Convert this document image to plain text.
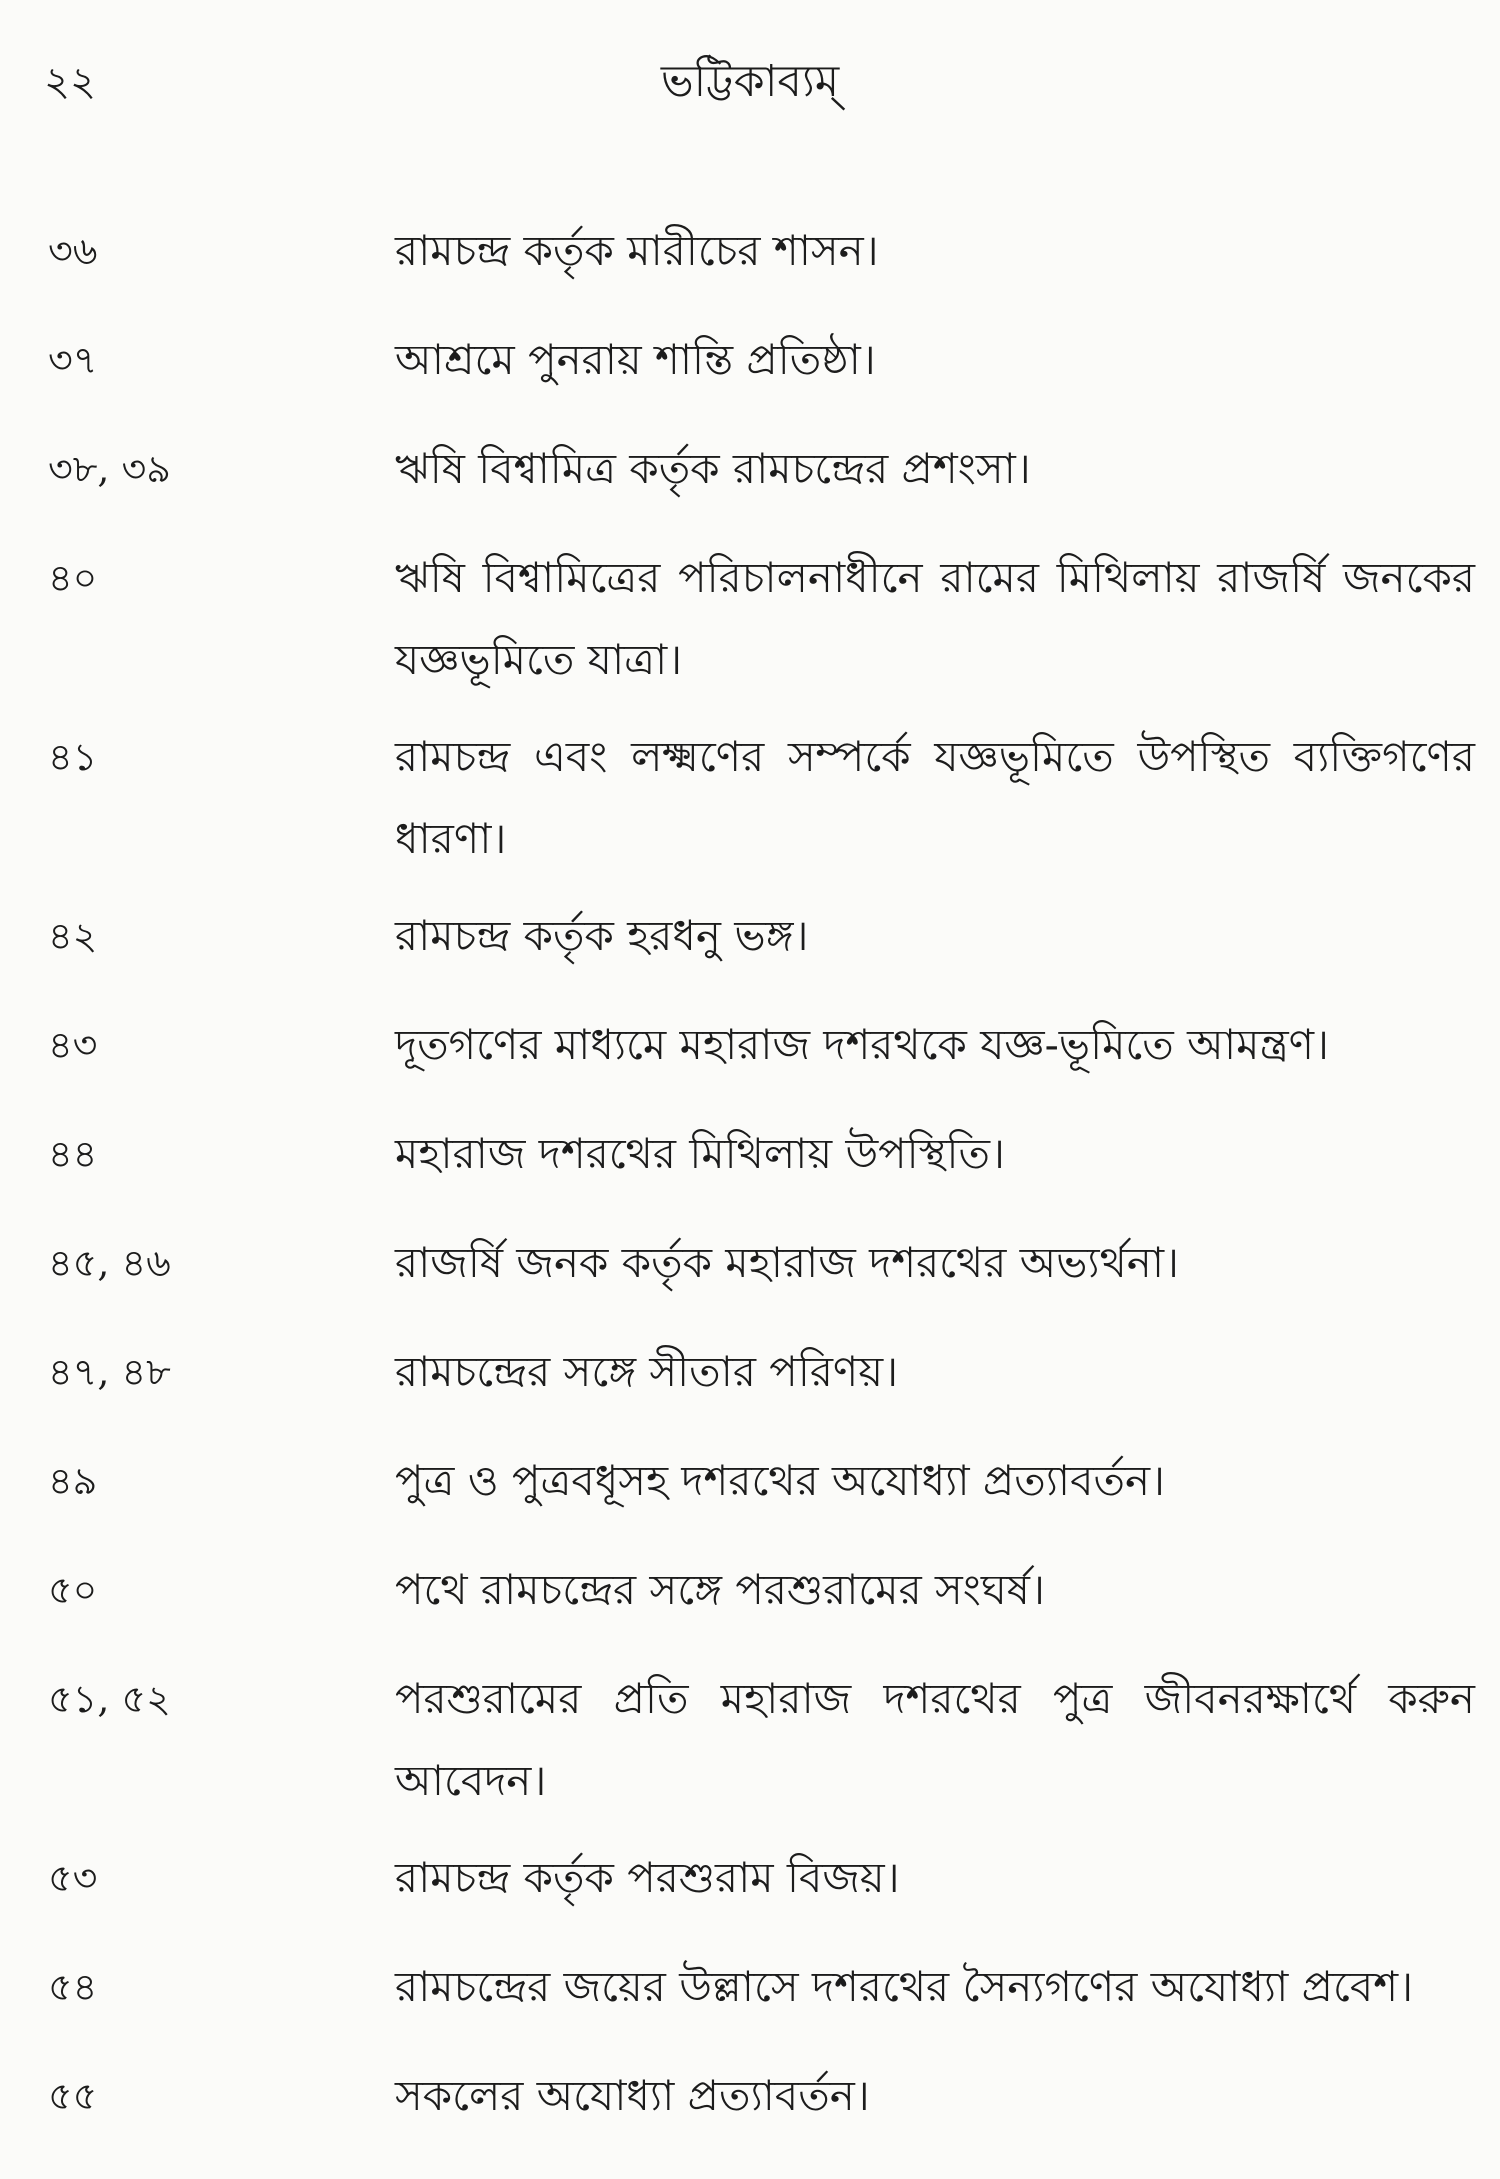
২২	ভট্টিকাব্যম্
৩৬	রামচন্দ্র কর্তৃক মারীচের শাসন।
৩৭	আশ্রমে পুনরায় শান্তি প্রতিষ্ঠা।
৩৮, ৩৯	ঋষি বিশ্বামিত্র কর্তৃক রামচন্দ্রের প্রশংসা।
৪০	ঋষি বিশ্বামিত্রের পরিচালনাধীনে রামের মিথিলায় রাজর্ষি জনকের যজ্ঞভূমিতে যাত্রা।
৪১	রামচন্দ্র এবং লক্ষ্মণের সম্পর্কে যজ্ঞভূমিতে উপস্থিত ব্যক্তিগণের ধারণা।
৪২	রামচন্দ্র কর্তৃক হরধনু ভঙ্গ।
৪৩	দূতগণের মাধ্যমে মহারাজ দশরথকে যজ্ঞ-ভূমিতে আমন্ত্রণ।
৪৪	মহারাজ দশরথের মিথিলায় উপস্থিতি।
৪৫, ৪৬	রাজর্ষি জনক কর্তৃক মহারাজ দশরথের অভ্যর্থনা।
৪৭, ৪৮	রামচন্দ্রের সঙ্গে সীতার পরিণয়।
৪৯	পুত্র ও পুত্রবধূসহ দশরথের অযোধ্যা প্রত্যাবর্তন।
৫০	পথে রামচন্দ্রের সঙ্গে পরশুরামের সংঘর্ষ।
৫১, ৫২	পরশুরামের প্রতি মহারাজ দশরথের পুত্র জীবনরক্ষার্থে করুন আবেদন।
৫৩	রামচন্দ্র কর্তৃক পরশুরাম বিজয়।
৫৪	রামচন্দ্রের জয়ের উল্লাসে দশরথের সৈন্যগণের অযোধ্যা প্রবেশ।
৫৫	সকলের অযোধ্যা প্রত্যাবর্তন।
